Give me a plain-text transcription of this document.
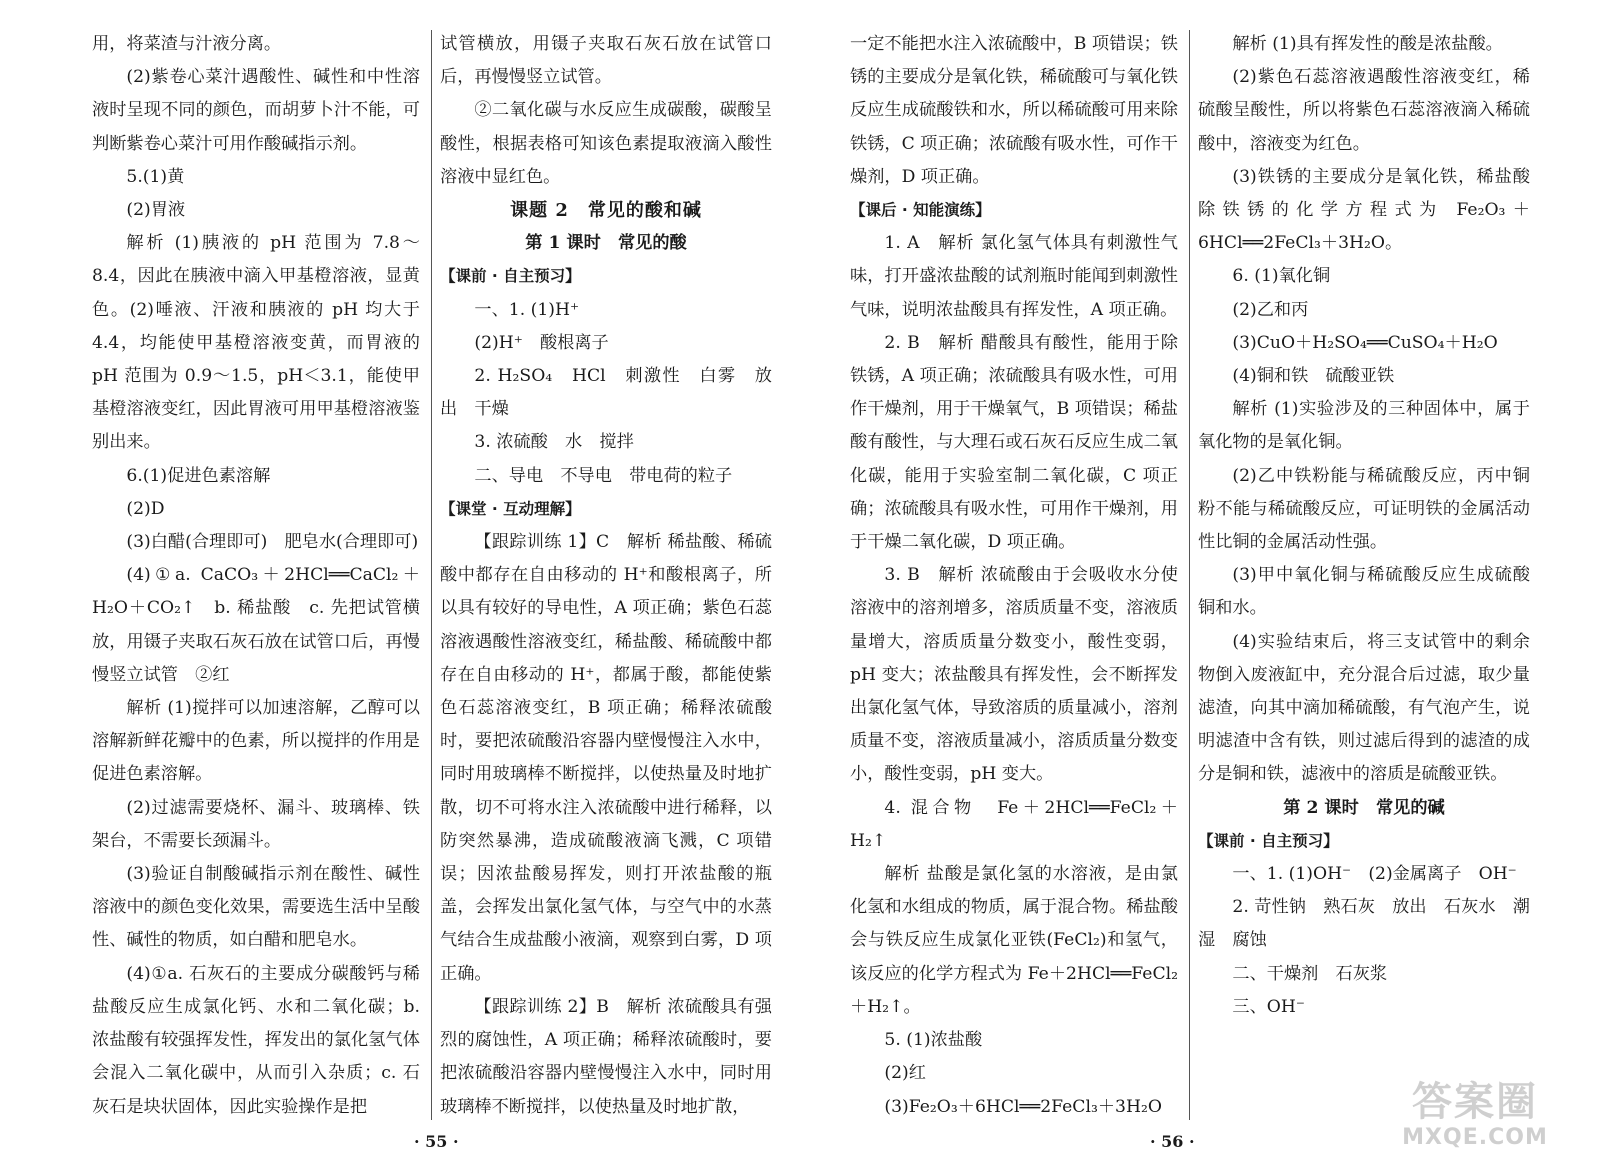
用，将菜渣与汁液分离。

(2)紫卷心菜汁遇酸性、碱性和中性溶液时呈现不同的颜色，而胡萝卜汁不能，可判断紫卷心菜汁可用作酸碱指示剂。

5.(1)黄

(2)胃液

解析 (1)胰液的 pH 范围为 7.8～8.4，因此在胰液中滴入甲基橙溶液，显黄色。(2)唾液、汗液和胰液的 pH 均大于 4.4，均能使甲基橙溶液变黄，而胃液的 pH 范围为 0.9～1.5，pH＜3.1，能使甲基橙溶液变红，因此胃液可用甲基橙溶液鉴别出来。

6.(1)促进色素溶解

(2)D

(3)白醋(合理即可)　肥皂水(合理即可)

(4)①a. CaCO₃＋2HCl══CaCl₂＋H₂O＋CO₂↑　b. 稀盐酸　c. 先把试管横放，用镊子夹取石灰石放在试管口后，再慢慢竖立试管　②红

解析 (1)搅拌可以加速溶解，乙醇可以溶解新鲜花瓣中的色素，所以搅拌的作用是促进色素溶解。

(2)过滤需要烧杯、漏斗、玻璃棒、铁架台，不需要长颈漏斗。

(3)验证自制酸碱指示剂在酸性、碱性溶液中的颜色变化效果，需要选生活中呈酸性、碱性的物质，如白醋和肥皂水。

(4)①a. 石灰石的主要成分碳酸钙与稀盐酸反应生成氯化钙、水和二氧化碳；b. 浓盐酸有较强挥发性，挥发出的氯化氢气体会混入二氧化碳中，从而引入杂质；c. 石灰石是块状固体，因此实验操作是把

试管横放，用镊子夹取石灰石放在试管口后，再慢慢竖立试管。

②二氧化碳与水反应生成碳酸，碳酸呈酸性，根据表格可知该色素提取液滴入酸性溶液中显红色。

课题 2　常见的酸和碱

第 1 课时　常见的酸

【课前 · 自主预习】

一、1. (1)H⁺

(2)H⁺　酸根离子

2. H₂SO₄　HCl　刺激性　白雾　放出　干燥

3. 浓硫酸　水　搅拌

二、导电　不导电　带电荷的粒子

【课堂 · 互动理解】

【跟踪训练 1】C　解析 稀盐酸、稀硫酸中都存在自由移动的 H⁺和酸根离子，所以具有较好的导电性，A 项正确；紫色石蕊溶液遇酸性溶液变红，稀盐酸、稀硫酸中都存在自由移动的 H⁺，都属于酸，都能使紫色石蕊溶液变红，B 项正确；稀释浓硫酸时，要把浓硫酸沿容器内壁慢慢注入水中，同时用玻璃棒不断搅拌，以使热量及时地扩散，切不可将水注入浓硫酸中进行稀释，以防突然暴沸，造成硫酸液滴飞溅，C 项错误；因浓盐酸易挥发，则打开浓盐酸的瓶盖，会挥发出氯化氢气体，与空气中的水蒸气结合生成盐酸小液滴，观察到白雾，D 项正确。

【跟踪训练 2】B　解析 浓硫酸具有强烈的腐蚀性，A 项正确；稀释浓硫酸时，要把浓硫酸沿容器内壁慢慢注入水中，同时用玻璃棒不断搅拌，以使热量及时地扩散，

· 55 ·

一定不能把水注入浓硫酸中，B 项错误；铁锈的主要成分是氧化铁，稀硫酸可与氧化铁反应生成硫酸铁和水，所以稀硫酸可用来除铁锈，C 项正确；浓硫酸有吸水性，可作干燥剂，D 项正确。

【课后 · 知能演练】

1. A　解析 氯化氢气体具有刺激性气味，打开盛浓盐酸的试剂瓶时能闻到刺激性气味，说明浓盐酸具有挥发性，A 项正确。

2. B　解析 醋酸具有酸性，能用于除铁锈，A 项正确；浓硫酸具有吸水性，可用作干燥剂，用于干燥氧气，B 项错误；稀盐酸有酸性，与大理石或石灰石反应生成二氧化碳，能用于实验室制二氧化碳，C 项正确；浓硫酸具有吸水性，可用作干燥剂，用于干燥二氧化碳，D 项正确。

3. B　解析 浓硫酸由于会吸收水分使溶液中的溶剂增多，溶质质量不变，溶液质量增大，溶质质量分数变小，酸性变弱，pH 变大；浓盐酸具有挥发性，会不断挥发出氯化氢气体，导致溶质的质量减小，溶剂质量不变，溶液质量减小，溶质质量分数变小，酸性变弱，pH 变大。

4. 混合物　Fe＋2HCl══FeCl₂＋H₂↑

解析 盐酸是氯化氢的水溶液，是由氯化氢和水组成的物质，属于混合物。稀盐酸会与铁反应生成氯化亚铁(FeCl₂)和氢气，该反应的化学方程式为 Fe＋2HCl══FeCl₂＋H₂↑。

5. (1)浓盐酸

(2)红

(3)Fe₂O₃＋6HCl══2FeCl₃＋3H₂O

解析 (1)具有挥发性的酸是浓盐酸。

(2)紫色石蕊溶液遇酸性溶液变红，稀硫酸呈酸性，所以将紫色石蕊溶液滴入稀硫酸中，溶液变为红色。

(3)铁锈的主要成分是氧化铁，稀盐酸除铁锈的化学方程式为 Fe₂O₃＋6HCl══2FeCl₃＋3H₂O。

6. (1)氧化铜

(2)乙和丙

(3)CuO＋H₂SO₄══CuSO₄＋H₂O

(4)铜和铁　硫酸亚铁

解析 (1)实验涉及的三种固体中，属于氧化物的是氧化铜。

(2)乙中铁粉能与稀硫酸反应，丙中铜粉不能与稀硫酸反应，可证明铁的金属活动性比铜的金属活动性强。

(3)甲中氧化铜与稀硫酸反应生成硫酸铜和水。

(4)实验结束后，将三支试管中的剩余物倒入废液缸中，充分混合后过滤，取少量滤渣，向其中滴加稀硫酸，有气泡产生，说明滤渣中含有铁，则过滤后得到的滤渣的成分是铜和铁，滤液中的溶质是硫酸亚铁。

第 2 课时　常见的碱

【课前 · 自主预习】

一、1. (1)OH⁻　(2)金属离子　OH⁻

2. 苛性钠　熟石灰　放出　石灰水　潮湿　腐蚀

二、干燥剂　石灰浆

三、OH⁻

· 56 ·
答案圈
MXQE.COM
